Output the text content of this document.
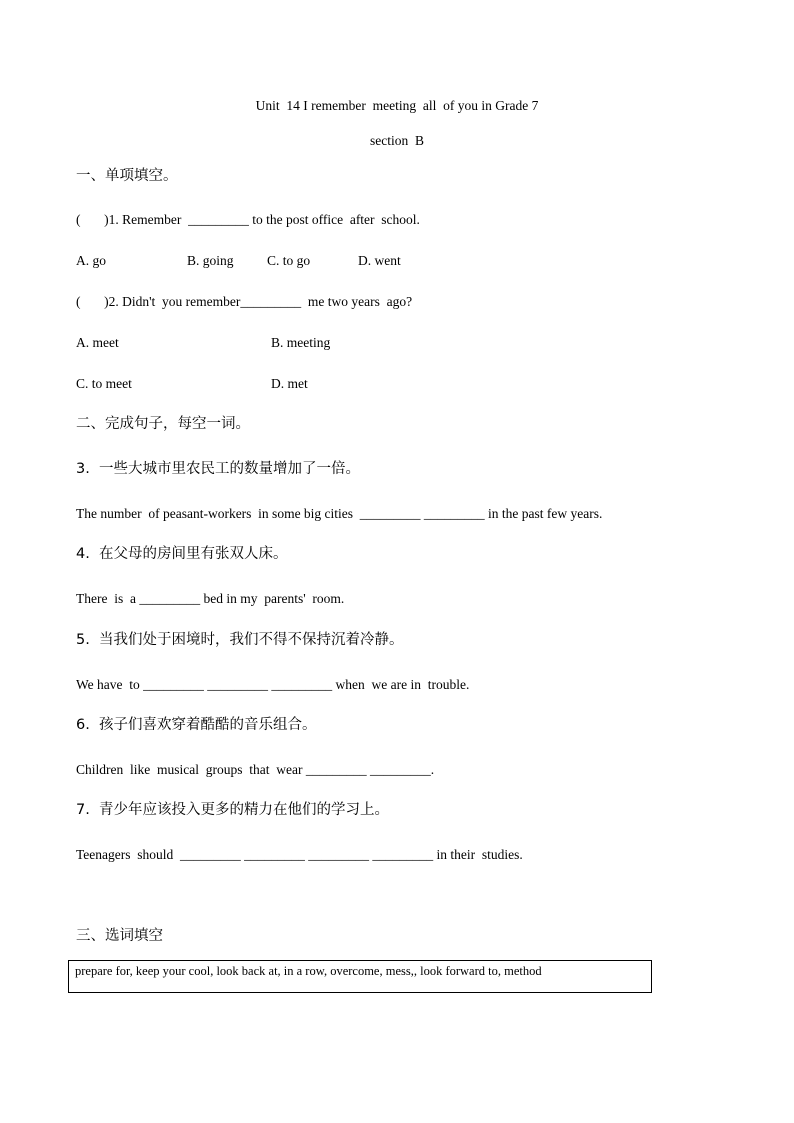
Unit  14 I remember  meeting  all  of you in Grade 7
section  B
一、单项填空。
(       )1. Remember  _________ to the post office  after  school.
A. go	B. going C. to go	D. went
(       )2. Didn't  you remember_________  me two years  ago?
A. meet	B. meeting
C. to meet	D. met
二、完成句子，每空一词。
3.  一些大城市里农民工的数量增加了一倍。
The number  of peasant-workers  in some big cities  _________ _________ in the past few years.
4.  在父母的房间里有张双人床。
There  is  a _________ bed in my  parents'  room.
5.  当我们处于困境时，我们不得不保持沉着冷静。
We have  to _________ _________ _________ when  we are in  trouble.
6.  孩子们喜欢穿着酷酷的音乐组合。
Children  like  musical  groups  that  wear _________ _________.
7.  青少年应该投入更多的精力在他们的学习上。
Teenagers  should  _________ _________ _________ _________ in their  studies.
三、选词填空
prepare for, keep your cool, look back at, in a row, overcome, mess,, look forward to, method
